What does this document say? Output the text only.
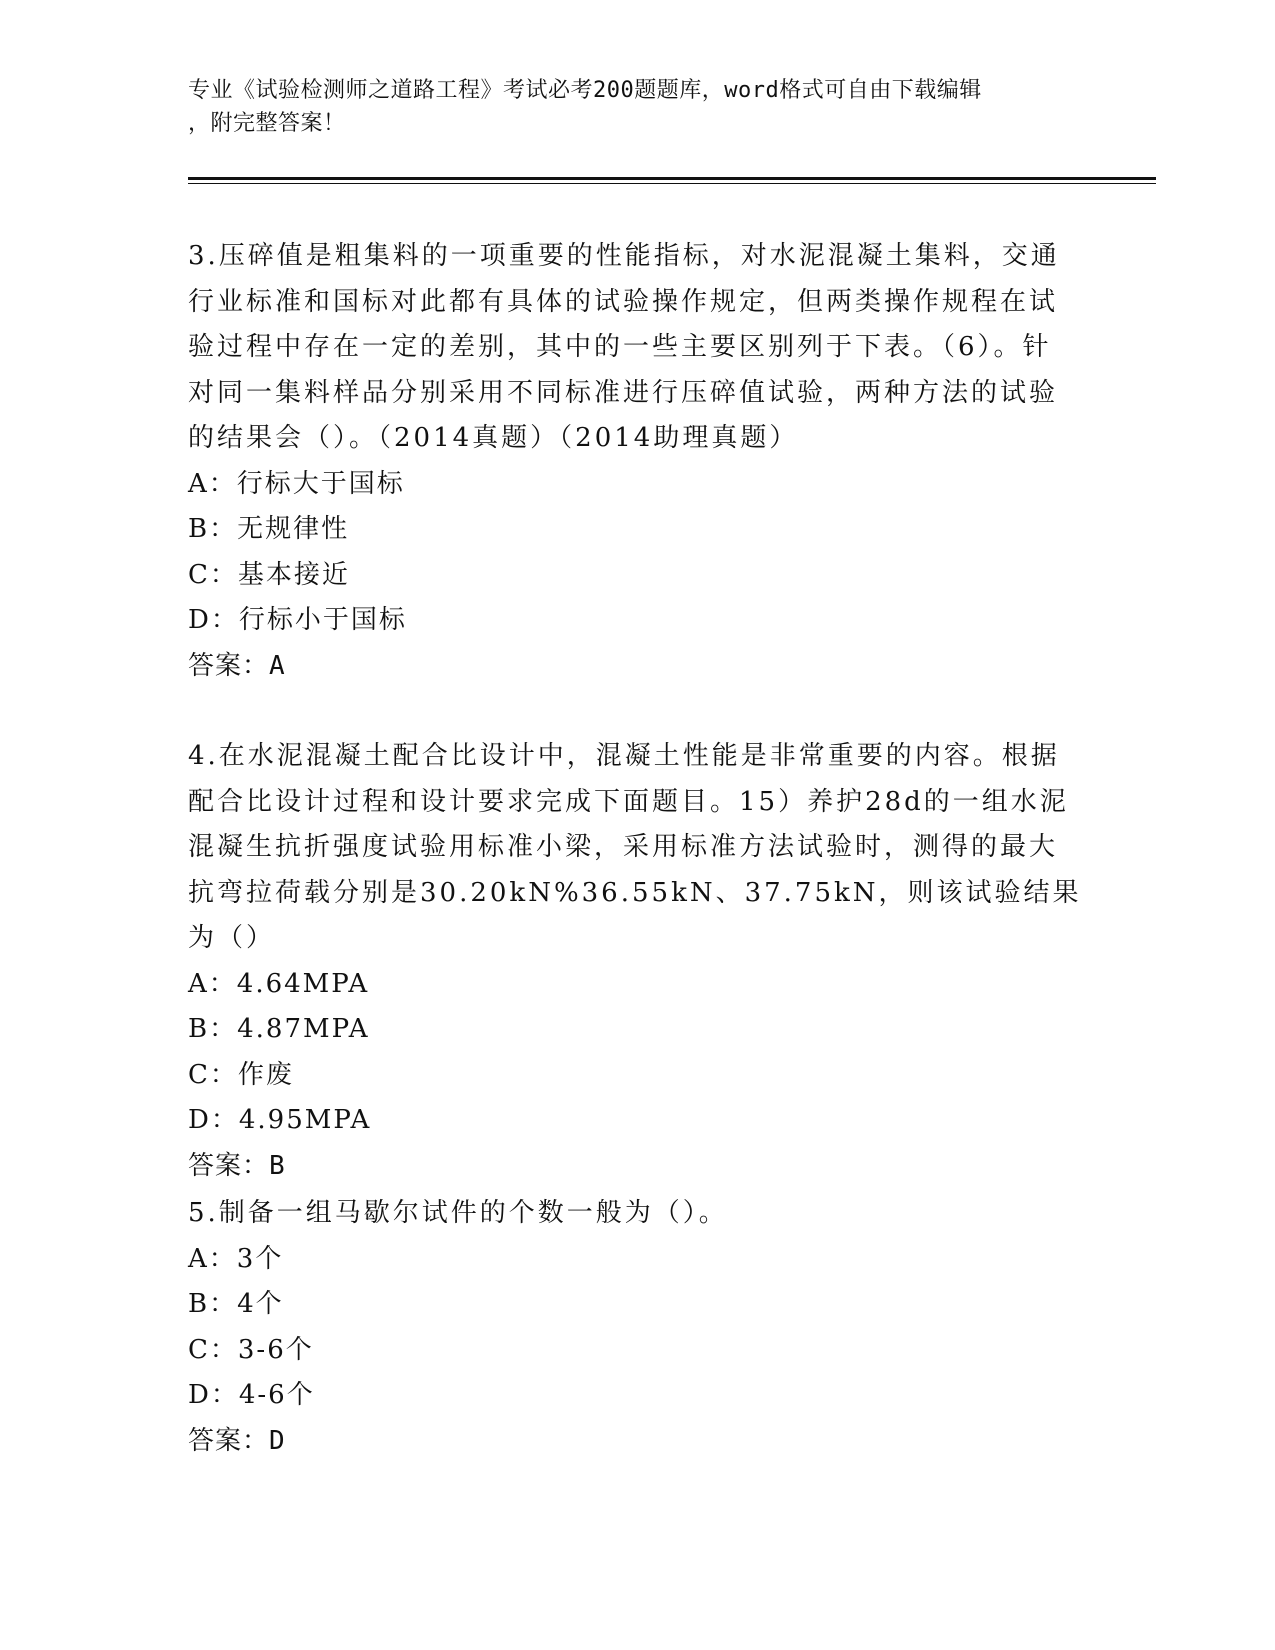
专业《试验检测师之道路工程》考试必考200题题库，word格式可自由下载编辑
，附完整答案！

3.压碎值是粗集料的一项重要的性能指标，对水泥混凝土集料，交通
行业标准和国标对此都有具体的试验操作规定，但两类操作规程在试
验过程中存在一定的差别，其中的一些主要区别列于下表。（6）。针
对同一集料样品分别采用不同标准进行压碎值试验，两种方法的试验
的结果会（）。（2014真题）（2014助理真题）

A：行标大于国标

B：无规律性

C：基本接近

D：行标小于国标

答案：A

4.在水泥混凝土配合比设计中，混凝土性能是非常重要的内容。根据
配合比设计过程和设计要求完成下面题目。15）养护28d的一组水泥
混凝生抗折强度试验用标准小梁，采用标准方法试验时，测得的最大
抗弯拉荷载分别是30.20kN%36.55kN、37.75kN，则该试验结果为（）

A：4.64MPA

B：4.87MPA

C：作废

D：4.95MPA

答案：B

5.制备一组马歇尔试件的个数一般为（）。

A：3个

B：4个

C：3-6个

D：4-6个

答案：D
